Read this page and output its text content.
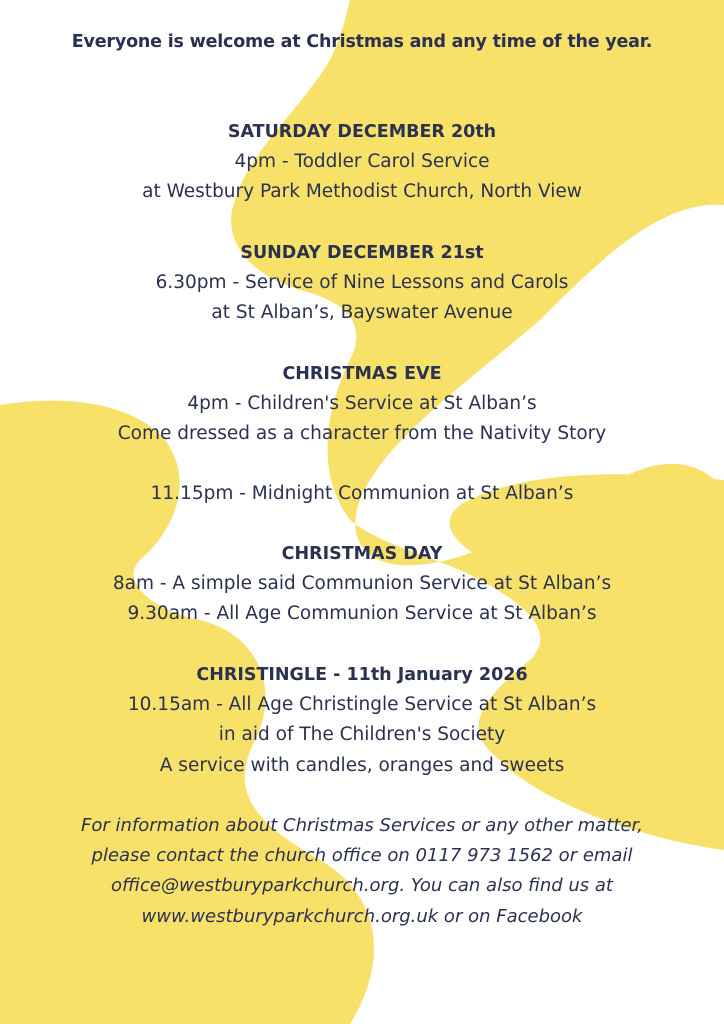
Everyone is welcome at Christmas and any time of the year.
SATURDAY DECEMBER 20th
4pm - Toddler Carol Service
at Westbury Park Methodist Church, North View
SUNDAY DECEMBER 21st
6.30pm - Service of Nine Lessons and Carols
at St Alban’s, Bayswater Avenue
CHRISTMAS EVE
4pm - Children's Service at St Alban’s
Come dressed as a character from the Nativity Story
11.15pm - Midnight Communion at St Alban’s
CHRISTMAS DAY
8am - A simple said Communion Service at St Alban’s
9.30am - All Age Communion Service at St Alban’s
CHRISTINGLE - 11th January 2026
10.15am - All Age Christingle Service at St Alban’s
in aid of The Children's Society
A service with candles, oranges and sweets
For information about Christmas Services or any other matter,
please contact the church office on 0117 973 1562 or email
office@westburyparkchurch.org. You can also find us at
www.westburyparkchurch.org.uk or on Facebook
